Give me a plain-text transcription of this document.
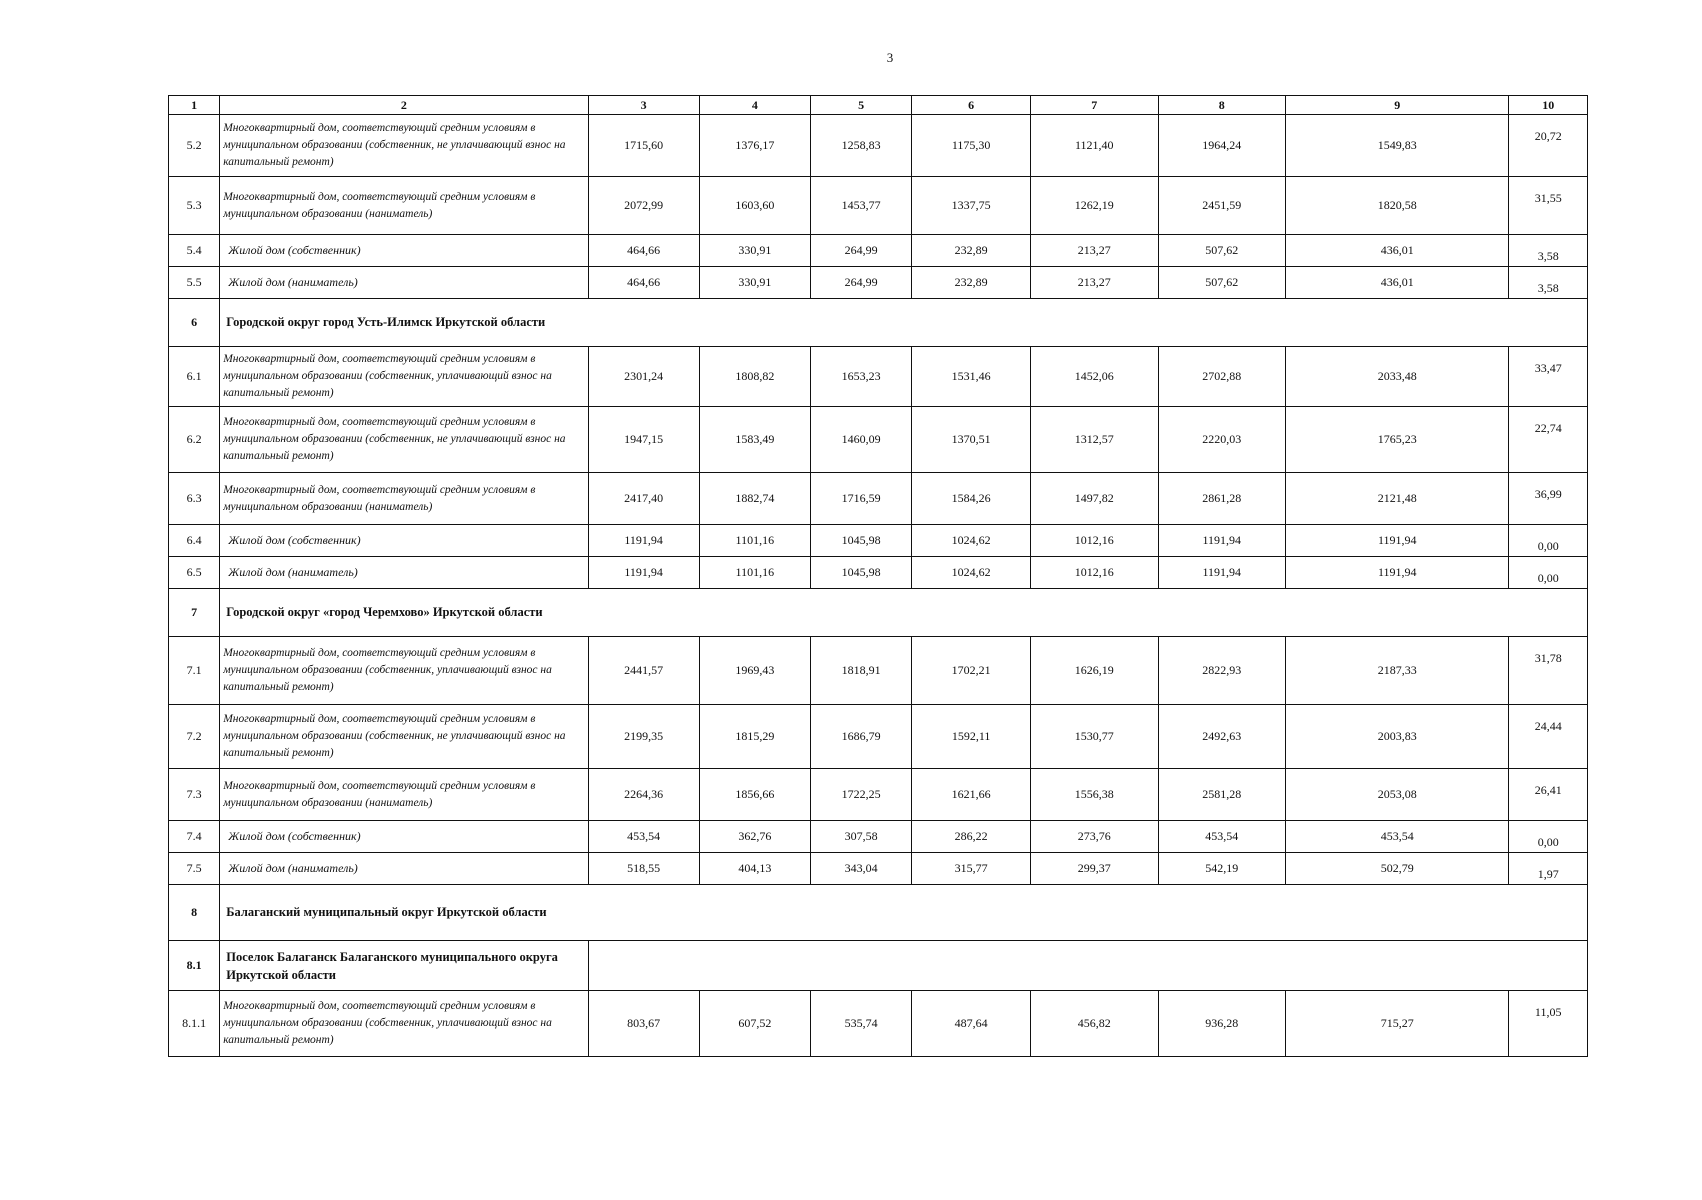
3
1	2	3	4	5	6	7	8	9	10
5.2	Многоквартирный дом, соответствующий средним условиям в муниципальном образовании (собственник, не уплачивающий взнос на капитальный ремонт)	1715,60	1376,17	1258,83	1175,30	1121,40	1964,24	1549,83	20,72
5.3	Многоквартирный дом, соответствующий средним условиям в муниципальном образовании (наниматель)	2072,99	1603,60	1453,77	1337,75	1262,19	2451,59	1820,58	31,55
5.4	Жилой дом (собственник)	464,66	330,91	264,99	232,89	213,27	507,62	436,01	3,58
5.5	Жилой дом (наниматель)	464,66	330,91	264,99	232,89	213,27	507,62	436,01	3,58
6	Городской округ город Усть-Илимск Иркутской области								
6.1	Многоквартирный дом, соответствующий средним условиям в муниципальном образовании (собственник, уплачивающий взнос на капитальный ремонт)	2301,24	1808,82	1653,23	1531,46	1452,06	2702,88	2033,48	33,47
6.2	Многоквартирный дом, соответствующий средним условиям в муниципальном образовании (собственник, не уплачивающий взнос на капитальный ремонт)	1947,15	1583,49	1460,09	1370,51	1312,57	2220,03	1765,23	22,74
6.3	Многоквартирный дом, соответствующий средним условиям в муниципальном образовании (наниматель)	2417,40	1882,74	1716,59	1584,26	1497,82	2861,28	2121,48	36,99
6.4	Жилой дом (собственник)	1191,94	1101,16	1045,98	1024,62	1012,16	1191,94	1191,94	0,00
6.5	Жилой дом (наниматель)	1191,94	1101,16	1045,98	1024,62	1012,16	1191,94	1191,94	0,00
7	Городской округ «город Черемхово» Иркутской области								
7.1	Многоквартирный дом, соответствующий средним условиям в муниципальном образовании (собственник, уплачивающий взнос на капитальный ремонт)	2441,57	1969,43	1818,91	1702,21	1626,19	2822,93	2187,33	31,78
7.2	Многоквартирный дом, соответствующий средним условиям в муниципальном образовании (собственник, не уплачивающий взнос на капитальный ремонт)	2199,35	1815,29	1686,79	1592,11	1530,77	2492,63	2003,83	24,44
7.3	Многоквартирный дом, соответствующий средним условиям в муниципальном образовании (наниматель)	2264,36	1856,66	1722,25	1621,66	1556,38	2581,28	2053,08	26,41
7.4	Жилой дом (собственник)	453,54	362,76	307,58	286,22	273,76	453,54	453,54	0,00
7.5	Жилой дом (наниматель)	518,55	404,13	343,04	315,77	299,37	542,19	502,79	1,97
8	Балаганский муниципальный округ Иркутской области								
8.1	Поселок Балаганск Балаганского муниципального округа Иркутской области								
8.1.1	Многоквартирный дом, соответствующий средним условиям в муниципальном образовании (собственник, уплачивающий взнос на капитальный ремонт)	803,67	607,52	535,74	487,64	456,82	936,28	715,27	11,05
